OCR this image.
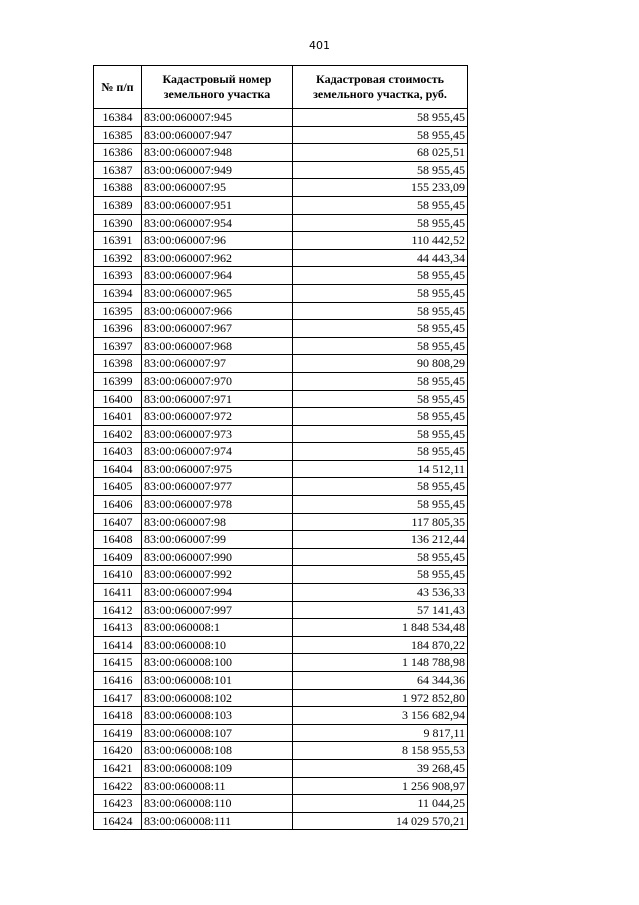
401
№ п/п	Кадастровый номер земельного участка	Кадастровая стоимость земельного участка, руб.
16384	83:00:060007:945	58 955,45
16385	83:00:060007:947	58 955,45
16386	83:00:060007:948	68 025,51
16387	83:00:060007:949	58 955,45
16388	83:00:060007:95	155 233,09
16389	83:00:060007:951	58 955,45
16390	83:00:060007:954	58 955,45
16391	83:00:060007:96	110 442,52
16392	83:00:060007:962	44 443,34
16393	83:00:060007:964	58 955,45
16394	83:00:060007:965	58 955,45
16395	83:00:060007:966	58 955,45
16396	83:00:060007:967	58 955,45
16397	83:00:060007:968	58 955,45
16398	83:00:060007:97	90 808,29
16399	83:00:060007:970	58 955,45
16400	83:00:060007:971	58 955,45
16401	83:00:060007:972	58 955,45
16402	83:00:060007:973	58 955,45
16403	83:00:060007:974	58 955,45
16404	83:00:060007:975	14 512,11
16405	83:00:060007:977	58 955,45
16406	83:00:060007:978	58 955,45
16407	83:00:060007:98	117 805,35
16408	83:00:060007:99	136 212,44
16409	83:00:060007:990	58 955,45
16410	83:00:060007:992	58 955,45
16411	83:00:060007:994	43 536,33
16412	83:00:060007:997	57 141,43
16413	83:00:060008:1	1 848 534,48
16414	83:00:060008:10	184 870,22
16415	83:00:060008:100	1 148 788,98
16416	83:00:060008:101	64 344,36
16417	83:00:060008:102	1 972 852,80
16418	83:00:060008:103	3 156 682,94
16419	83:00:060008:107	9 817,11
16420	83:00:060008:108	8 158 955,53
16421	83:00:060008:109	39 268,45
16422	83:00:060008:11	1 256 908,97
16423	83:00:060008:110	11 044,25
16424	83:00:060008:111	14 029 570,21
